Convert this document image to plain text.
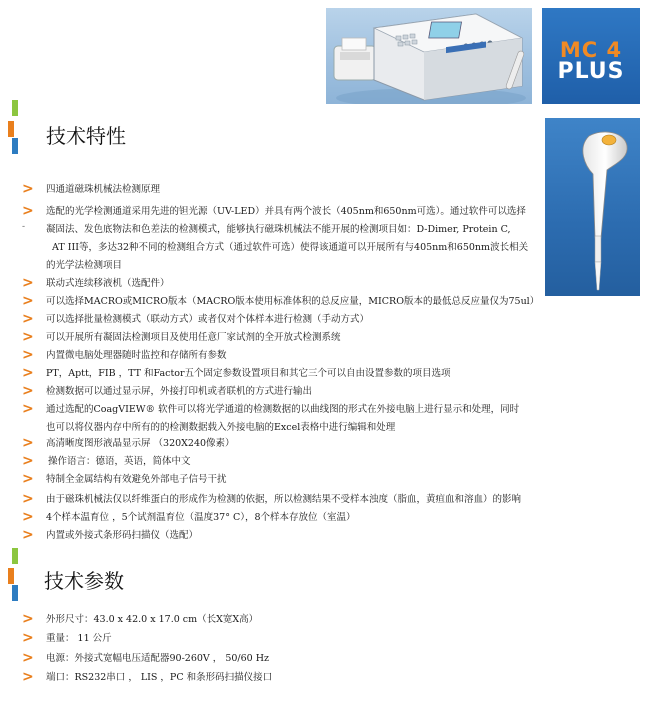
MC 4
PLUS
技术特性
> 四通道磁珠机械法检测原理
> 选配的光学检测通道采用先进的钽光源（UV-LED）并具有两个波长（405nm和650nm可选）。通过软件可以选择
凝固法、发色底物法和色差法的检测模式，能够执行磁珠机械法不能开展的检测项目如：D-Dimer, Protein C,
AT III等，多达32种不同的检测组合方式（通过软件可选）使得该通道可以开展所有与405nm和650nm波长相关
的光学法检测项目
-
> 联动式连续移液机（选配件）
> 可以选择MACRO或MICRO版本（MACRO版本使用标准体积的总反应量，MICRO版本的最低总反应量仅为75ul）
> 可以选择批量检测模式（联动方式）或者仅对个体样本进行检测（手动方式）
> 可以开展所有凝固法检测项目及使用任意厂家试剂的全开放式检测系统
> 内置微电脑处理器随时监控和存储所有参数
> PT，Aptt，FIB ，TT 和Factor五个固定参数设置项目和其它三个可以自由设置参数的项目选项
> 检测数据可以通过显示屏，外接打印机或者联机的方式进行输出
> 通过选配的CoagVIEW® 软件可以将光学通道的检测数据的以曲线图的形式在外接电脑上进行显示和处理，同时
也可以将仪器内存中所有的的检测数据载入外接电脑的Excel表格中进行编辑和处理
> 高清晰度图形液晶显示屏 （320X240像素）
> 操作语言：德语，英语，简体中文
> 特制全金属结构有效避免外部电子信号干扰
> 由于磁珠机械法仅以纤维蛋白的形成作为检测的依据，所以检测结果不受样本浊度（脂血，黄疸血和溶血）的影响
> 4个样本温育位 ，5个试剂温育位（温度37° C），8个样本存放位（室温）
> 内置或外接式条形码扫描仪（选配）
技术参数
> 外形尺寸：43.0 x 42.0 x 17.0 cm（长X宽X高）
> 重量： 11 公斤
> 电源：外接式宽幅电压适配器90-260V ， 50/60 Hz
> 端口：RS232串口 ， LIS ，PC 和条形码扫描仪接口
